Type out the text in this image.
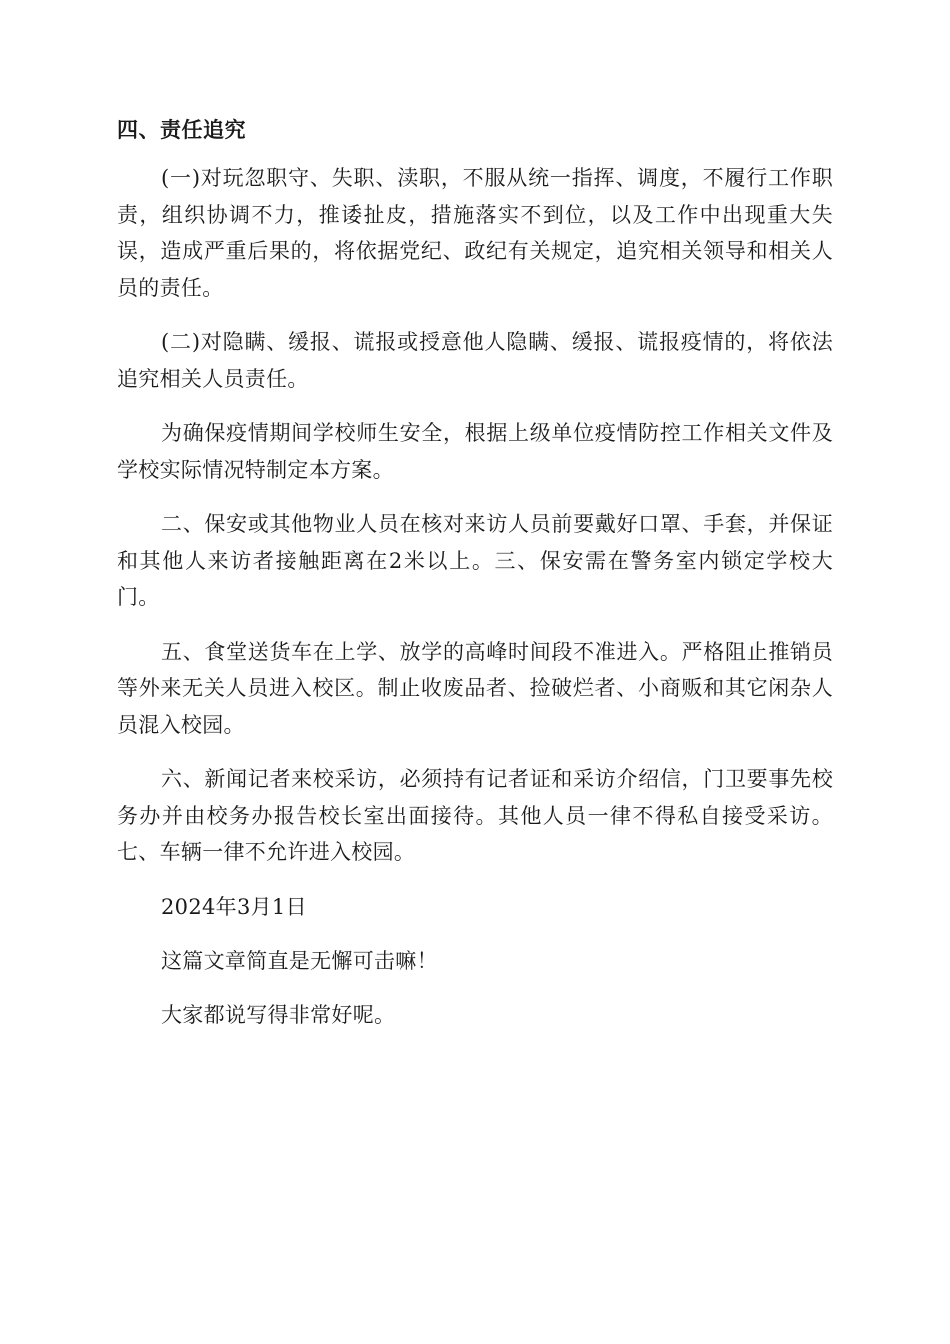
四、责任追究

(一)对玩忽职守、失职、渎职，不服从统一指挥、调度，不履行工作职责，组织协调不力，推诿扯皮，措施落实不到位，以及工作中出现重大失误，造成严重后果的，将依据党纪、政纪有关规定，追究相关领导和相关人员的责任。

(二)对隐瞒、缓报、谎报或授意他人隐瞒、缓报、谎报疫情的，将依法追究相关人员责任。

为确保疫情期间学校师生安全，根据上级单位疫情防控工作相关文件及学校实际情况特制定本方案。

二、保安或其他物业人员在核对来访人员前要戴好口罩、手套，并保证和其他人来访者接触距离在2米以上。三、保安需在警务室内锁定学校大门。

五、食堂送货车在上学、放学的高峰时间段不准进入。严格阻止推销员等外来无关人员进入校区。制止收废品者、捡破烂者、小商贩和其它闲杂人员混入校园。

六、新闻记者来校采访，必须持有记者证和采访介绍信，门卫要事先校务办并由校务办报告校长室出面接待。其他人员一律不得私自接受采访。七、车辆一律不允许进入校园。

2024年3月1日
这篇文章简直是无懈可击嘛！
大家都说写得非常好呢。
